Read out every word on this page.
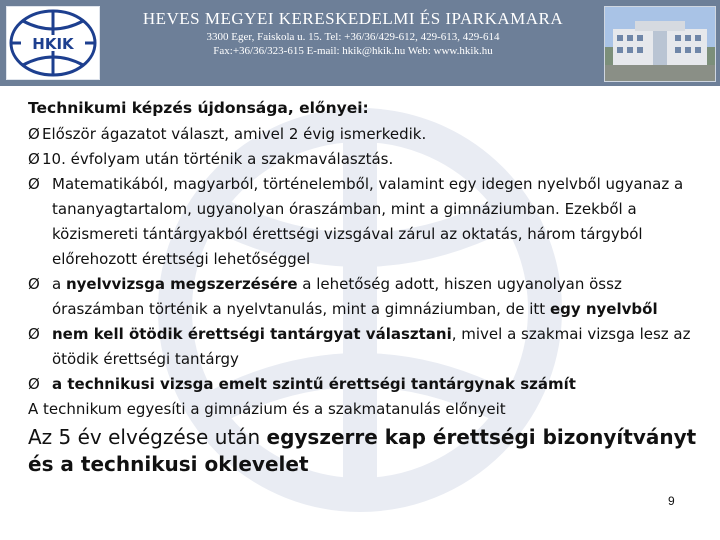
HKIK
HEVES MEGYEI KERESKEDELMI ÉS IPARKAMARA
3300 Eger, Faiskola u. 15. Tel: +36/36/429-612, 429-613, 429-614
Fax:+36/36/323-615 E-mail: hkik@hkik.hu Web: www.hkik.hu
Technikumi képzés újdonsága, előnyei:
Ø Először ágazatot választ, amivel 2 évig ismerkedik.
Ø 10. évfolyam után történik a szakmaválasztás.
Ø Matematikából, magyarból, történelemből, valamint egy idegen nyelvből ugyanaz a tananyagtartalom, ugyanolyan óraszámban, mint a gimnáziumban. Ezekből a közismereti tántárgyakból érettségi vizsgával zárul az oktatás, három tárgyból előrehozott érettségi lehetőséggel
Ø a nyelvvizsga megszerzésére a lehetőség adott, hiszen ugyanolyan össz óraszámban történik a nyelvtanulás, mint a gimnáziumban, de itt egy nyelvből
Ø nem kell ötödik érettségi tantárgyat választani, mivel a szakmai vizsga lesz az ötödik érettségi tantárgy
Ø a technikusi vizsga emelt szintű érettségi tantárgynak számít
A technikum egyesíti a gimnázium és a szakmatanulás előnyeit
Az 5 év elvégzése után egyszerre kap érettségi bizonyítványt és a technikusi oklevelet
9
